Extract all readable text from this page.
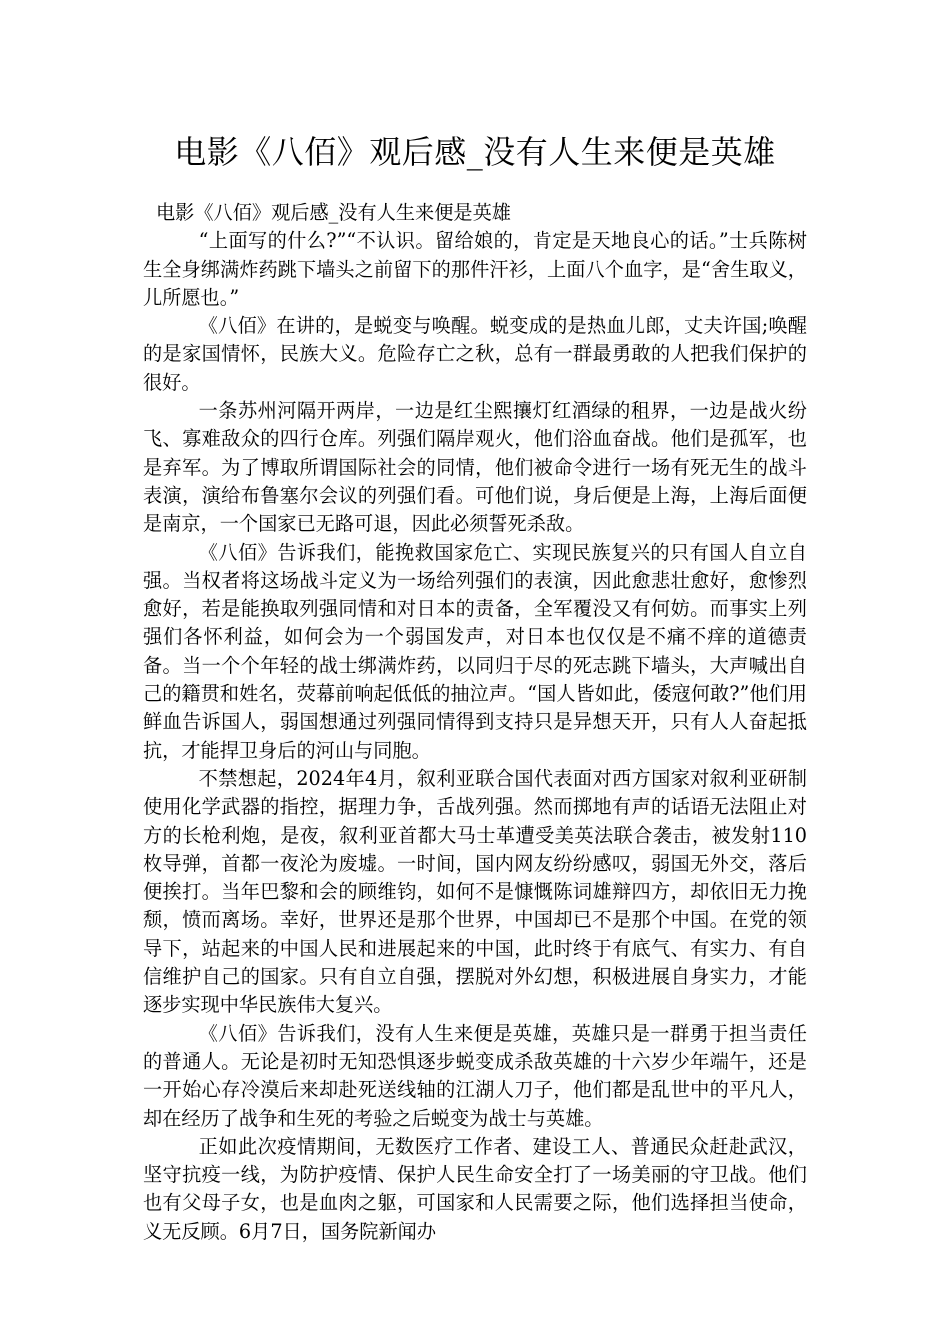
电影《八佰》观后感_没有人生来便是英雄

电影《八佰》观后感_没有人生来便是英雄

“上面写的什么?”“不认识。留给娘的，肯定是天地良心的话。”士兵陈树生全身绑满炸药跳下墙头之前留下的那件汗衫，上面八个血字，是“舍生取义，儿所愿也。”

《八佰》在讲的，是蜕变与唤醒。蜕变成的是热血儿郎，丈夫许国;唤醒的是家国情怀，民族大义。危险存亡之秋，总有一群最勇敢的人把我们保护的很好。

一条苏州河隔开两岸，一边是红尘熙攘灯红酒绿的租界，一边是战火纷飞、寡难敌众的四行仓库。列强们隔岸观火，他们浴血奋战。他们是孤军，也是弃军。为了博取所谓国际社会的同情，他们被命令进行一场有死无生的战斗表演，演给布鲁塞尔会议的列强们看。可他们说，身后便是上海，上海后面便是南京，一个国家已无路可退，因此必须誓死杀敌。

《八佰》告诉我们，能挽救国家危亡、实现民族复兴的只有国人自立自强。当权者将这场战斗定义为一场给列强们的表演，因此愈悲壮愈好，愈惨烈愈好，若是能换取列强同情和对日本的责备，全军覆没又有何妨。而事实上列强们各怀利益，如何会为一个弱国发声，对日本也仅仅是不痛不痒的道德责备。当一个个年轻的战士绑满炸药，以同归于尽的死志跳下墙头，大声喊出自己的籍贯和姓名，荧幕前响起低低的抽泣声。“国人皆如此，倭寇何敢?”他们用鲜血告诉国人，弱国想通过列强同情得到支持只是异想天开，只有人人奋起抵抗，才能捍卫身后的河山与同胞。

不禁想起，2024年4月，叙利亚联合国代表面对西方国家对叙利亚研制使用化学武器的指控，据理力争，舌战列强。然而掷地有声的话语无法阻止对方的长枪利炮，是夜，叙利亚首都大马士革遭受美英法联合袭击，被发射110枚导弹，首都一夜沦为废墟。一时间，国内网友纷纷感叹，弱国无外交，落后便挨打。当年巴黎和会的顾维钧，如何不是慷慨陈词雄辩四方，却依旧无力挽颓，愤而离场。幸好，世界还是那个世界，中国却已不是那个中国。在党的领导下，站起来的中国人民和进展起来的中国，此时终于有底气、有实力、有自信维护自己的国家。只有自立自强，摆脱对外幻想，积极进展自身实力，才能逐步实现中华民族伟大复兴。

《八佰》告诉我们，没有人生来便是英雄，英雄只是一群勇于担当责任的普通人。无论是初时无知恐惧逐步蜕变成杀敌英雄的十六岁少年端午，还是一开始心存冷漠后来却赴死送线轴的江湖人刀子，他们都是乱世中的平凡人，却在经历了战争和生死的考验之后蜕变为战士与英雄。

正如此次疫情期间，无数医疗工作者、建设工人、普通民众赶赴武汉，坚守抗疫一线，为防护疫情、保护人民生命安全打了一场美丽的守卫战。他们也有父母子女，也是血肉之躯，可国家和人民需要之际，他们选择担当使命，义无反顾。6月7日，国务院新闻办
